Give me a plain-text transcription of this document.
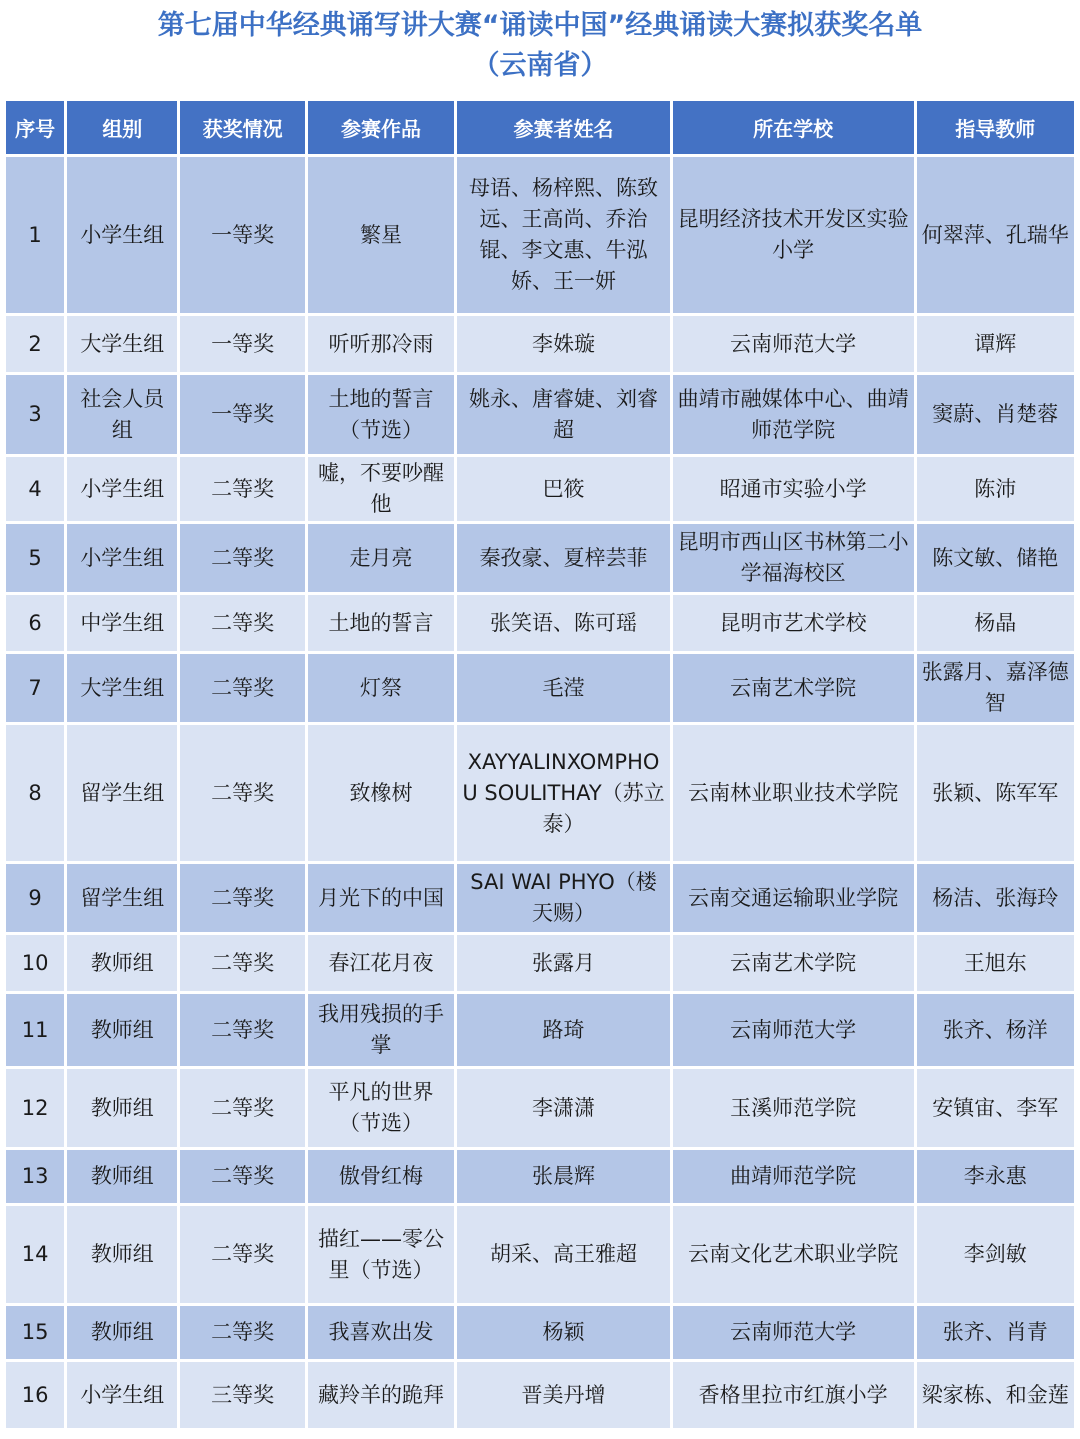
第七届中华经典诵写讲大赛“诵读中国”经典诵读大赛拟获奖名单
（云南省）
序号	组别	获奖情况	参赛作品	参赛者姓名	所在学校	指导教师
1	小学生组	一等奖	繁星	母语、杨梓熙、陈致远、王高尚、乔治锟、李文惠、牛泓娇、王一妍	昆明经济技术开发区实验小学	何翠萍、孔瑞华
2	大学生组	一等奖	听听那冷雨	李姝璇	云南师范大学	谭辉
3	社会人员组	一等奖	土地的誓言（节选）	姚永、唐睿婕、刘睿超	曲靖市融媒体中心、曲靖师范学院	窦蔚、肖楚蓉
4	小学生组	二等奖	嘘，不要吵醒他	巴筱	昭通市实验小学	陈沛
5	小学生组	二等奖	走月亮	秦孜豪、夏梓芸菲	昆明市西山区书林第二小学福海校区	陈文敏、储艳
6	中学生组	二等奖	土地的誓言	张笑语、陈可瑶	昆明市艺术学校	杨晶
7	大学生组	二等奖	灯祭	毛滢	云南艺术学院	张露月、嘉泽德智
8	留学生组	二等奖	致橡树	XAYYALINXOMPHOU SOULITHAY（苏立泰）	云南林业职业技术学院	张颖、陈军军
9	留学生组	二等奖	月光下的中国	SAI WAI PHYO（楼天赐）	云南交通运输职业学院	杨洁、张海玲
10	教师组	二等奖	春江花月夜	张露月	云南艺术学院	王旭东
11	教师组	二等奖	我用残损的手掌	路琦	云南师范大学	张齐、杨洋
12	教师组	二等奖	平凡的世界（节选）	李潇潇	玉溪师范学院	安镇宙、李军
13	教师组	二等奖	傲骨红梅	张晨辉	曲靖师范学院	李永惠
14	教师组	二等奖	描红——零公里（节选）	胡采、高王雅超	云南文化艺术职业学院	李剑敏
15	教师组	二等奖	我喜欢出发	杨颖	云南师范大学	张齐、肖青
16	小学生组	三等奖	藏羚羊的跪拜	晋美丹增	香格里拉市红旗小学	梁家栋、和金莲
